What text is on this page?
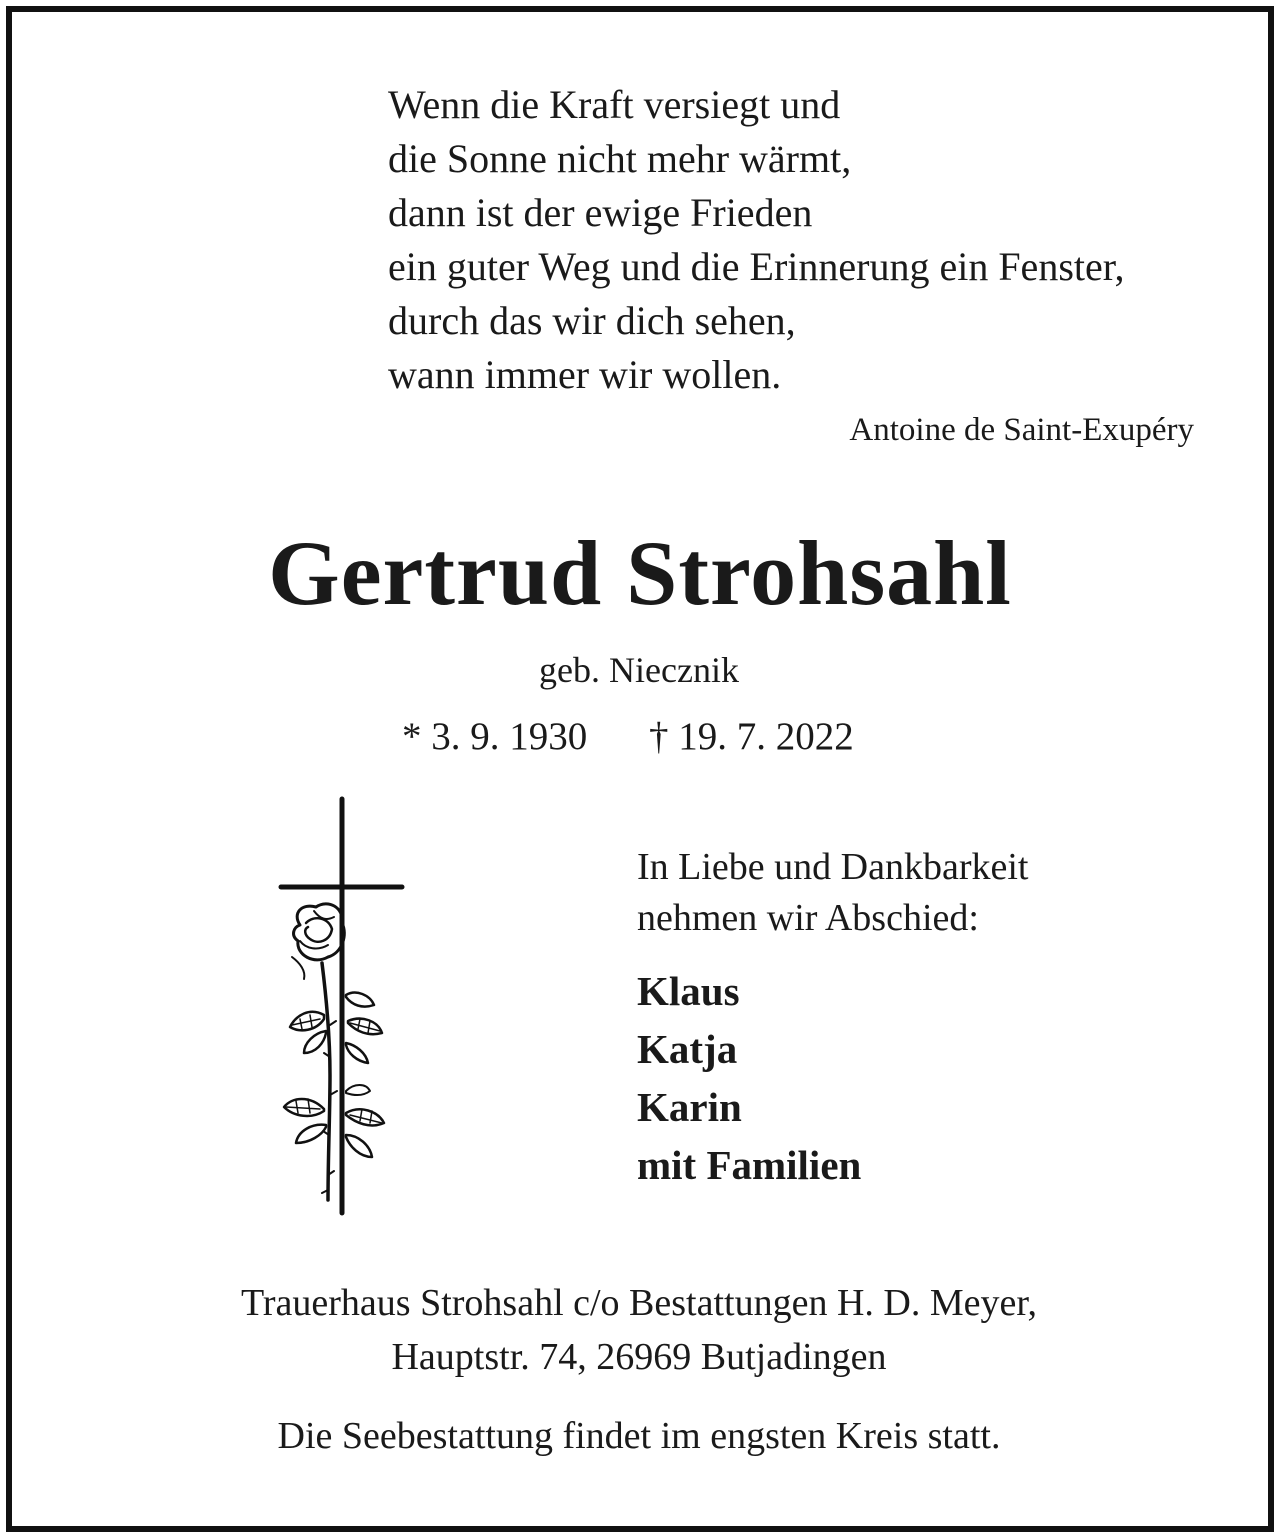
Wenn die Kraft versiegt und
die Sonne nicht mehr wärmt,
dann ist der ewige Frieden
ein guter Weg und die Erinnerung ein Fenster,
durch das wir dich sehen,
wann immer wir wollen.
Antoine de Saint-Exupéry
Gertrud Strohsahl
geb. Niecznik
* 3. 9. 1930 † 19. 7. 2022
In Liebe und Dankbarkeit
nehmen wir Abschied:
Klaus
Katja
Karin
mit Familien
Trauerhaus Strohsahl c/o Bestattungen H. D. Meyer,
Hauptstr. 74, 26969 Butjadingen
Die Seebestattung findet im engsten Kreis statt.
